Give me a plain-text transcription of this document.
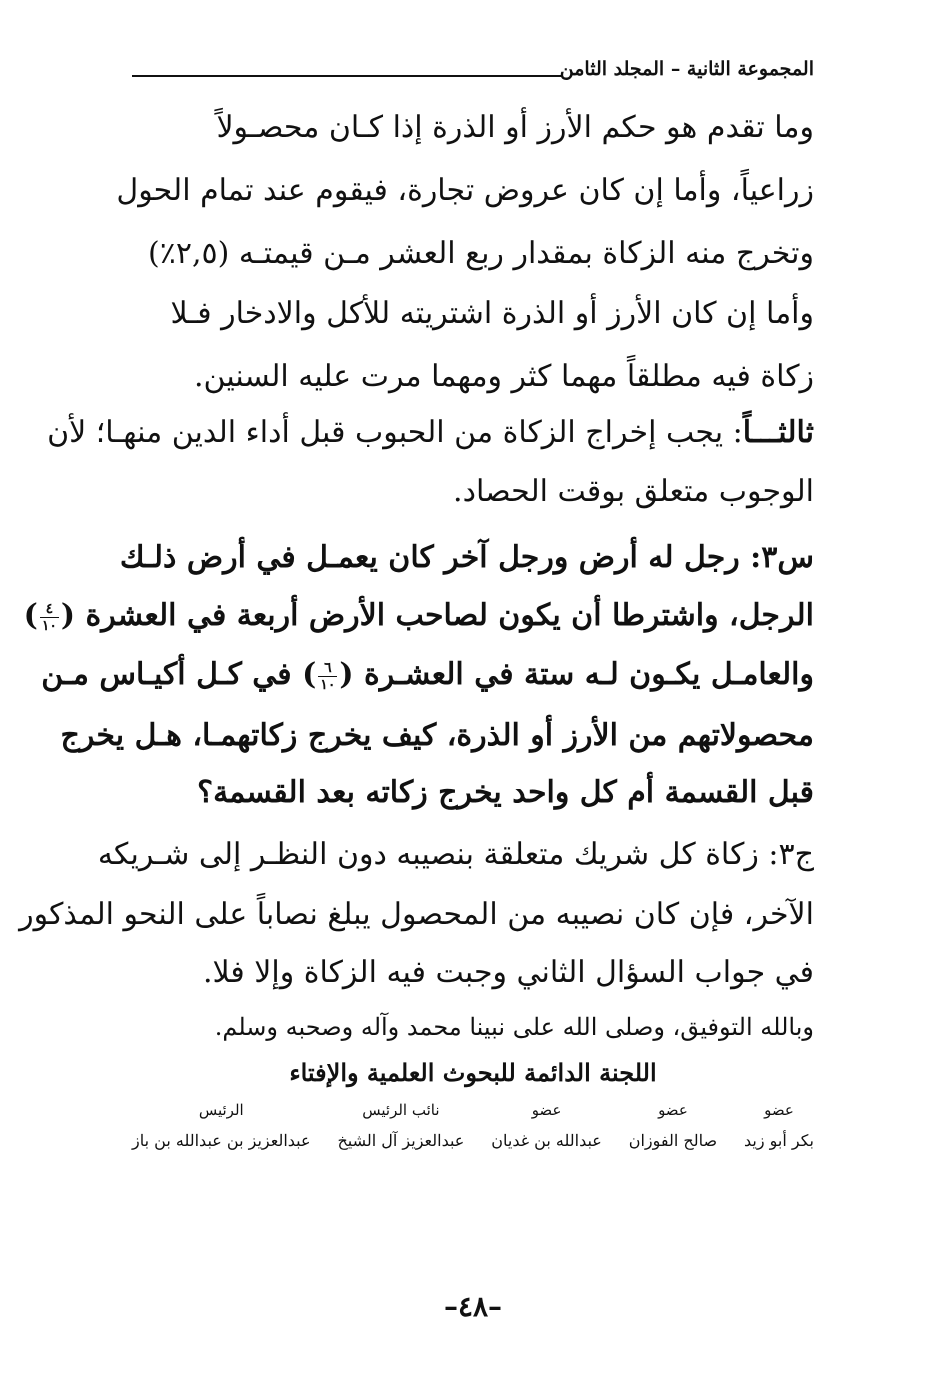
المجموعة الثانية – المجلد الثامن
وما تقدم هو حكم الأرز أو الذرة إذا كـان محصـولاً
زراعياً، وأما إن كان عروض تجارة، فيقوم عند تمام الحول
وتخرج منه الزكاة بمقدار ربع العشر مـن قيمتـه (٢,٥٪)
وأما إن كان الأرز أو الذرة اشتريته للأكل والادخار فـلا
زكاة فيه مطلقاً مهما كثر ومهما مرت عليه السنين.
ثالثـــاً: يجب إخراج الزكاة من الحبوب قبل أداء الدين منهـا؛ لأن
الوجوب متعلق بوقت الحصاد.
س٣: رجل له أرض ورجل آخر كان يعمـل في أرض ذلـك
الرجل، واشترطا أن يكون لصاحب الأرض أربعة في العشرة (
$\frac{٤}{١٠}$
)
والعامـل يكـون لـه ستة في العشـرة (
$\frac{٦}{١٠}$
) في كـل أكيـاس مـن
محصولاتهم من الأرز أو الذرة، كيف يخرج زكاتهمـا، هـل يخرج
قبل القسمة أم كل واحد يخرج زكاته بعد القسمة؟
ج٣: زكاة كل شريك متعلقة بنصيبه دون النظـر إلى شـريكه
الآخر، فإن كان نصيبه من المحصول يبلغ نصاباً على النحو المذكور
في جواب السؤال الثاني وجبت فيه الزكاة وإلا فلا.
وبالله التوفيق، وصلى الله على نبينا محمد وآله وصحبه وسلم.
اللجنة الدائمة للبحوث العلمية والإفتاء
عضو
بكر أبو زيد
عضو
صالح الفوزان
عضو
عبدالله بن غديان
نائب الرئيس
عبدالعزيز آل الشيخ
الرئيس
عبدالعزيز بن عبدالله بن باز
–٤٨–
